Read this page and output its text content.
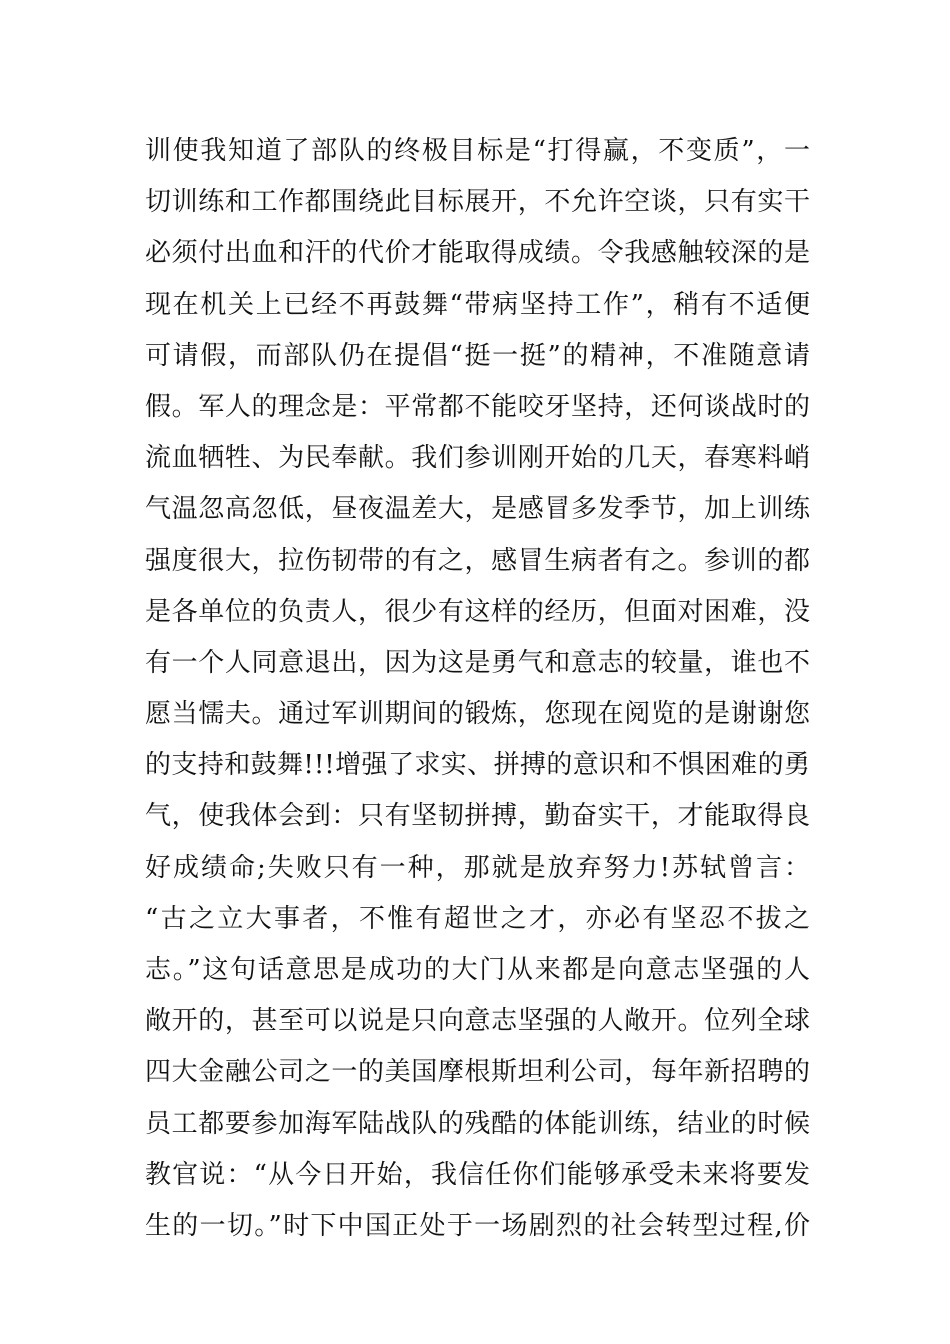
训使我知道了部队的终极目标是“打得赢，不变质”，一
切训练和工作都围绕此目标展开，不允许空谈，只有实干
必须付出血和汗的代价才能取得成绩。令我感触较深的是
现在机关上已经不再鼓舞“带病坚持工作”，稍有不适便
可请假，而部队仍在提倡“挺一挺”的精神，不准随意请
假。军人的理念是：平常都不能咬牙坚持，还何谈战时的
流血牺牲、为民奉献。我们参训刚开始的几天，春寒料峭
气温忽高忽低，昼夜温差大，是感冒多发季节，加上训练
强度很大，拉伤韧带的有之，感冒生病者有之。参训的都
是各单位的负责人，很少有这样的经历，但面对困难，没
有一个人同意退出，因为这是勇气和意志的较量，谁也不
愿当懦夫。通过军训期间的锻炼，您现在阅览的是谢谢您
的支持和鼓舞!!!增强了求实、拼搏的意识和不惧困难的勇
气，使我体会到：只有坚韧拼搏，勤奋实干，才能取得良
好成绩命;失败只有一种，那就是放弃努力!苏轼曾言：
“古之立大事者，不惟有超世之才，亦必有坚忍不拔之
志。”这句话意思是成功的大门从来都是向意志坚强的人
敞开的，甚至可以说是只向意志坚强的人敞开。位列全球
四大金融公司之一的美国摩根斯坦利公司，每年新招聘的
员工都要参加海军陆战队的残酷的体能训练，结业的时候
教官说：“从今日开始，我信任你们能够承受未来将要发
生的一切。”时下中国正处于一场剧烈的社会转型过程,价
